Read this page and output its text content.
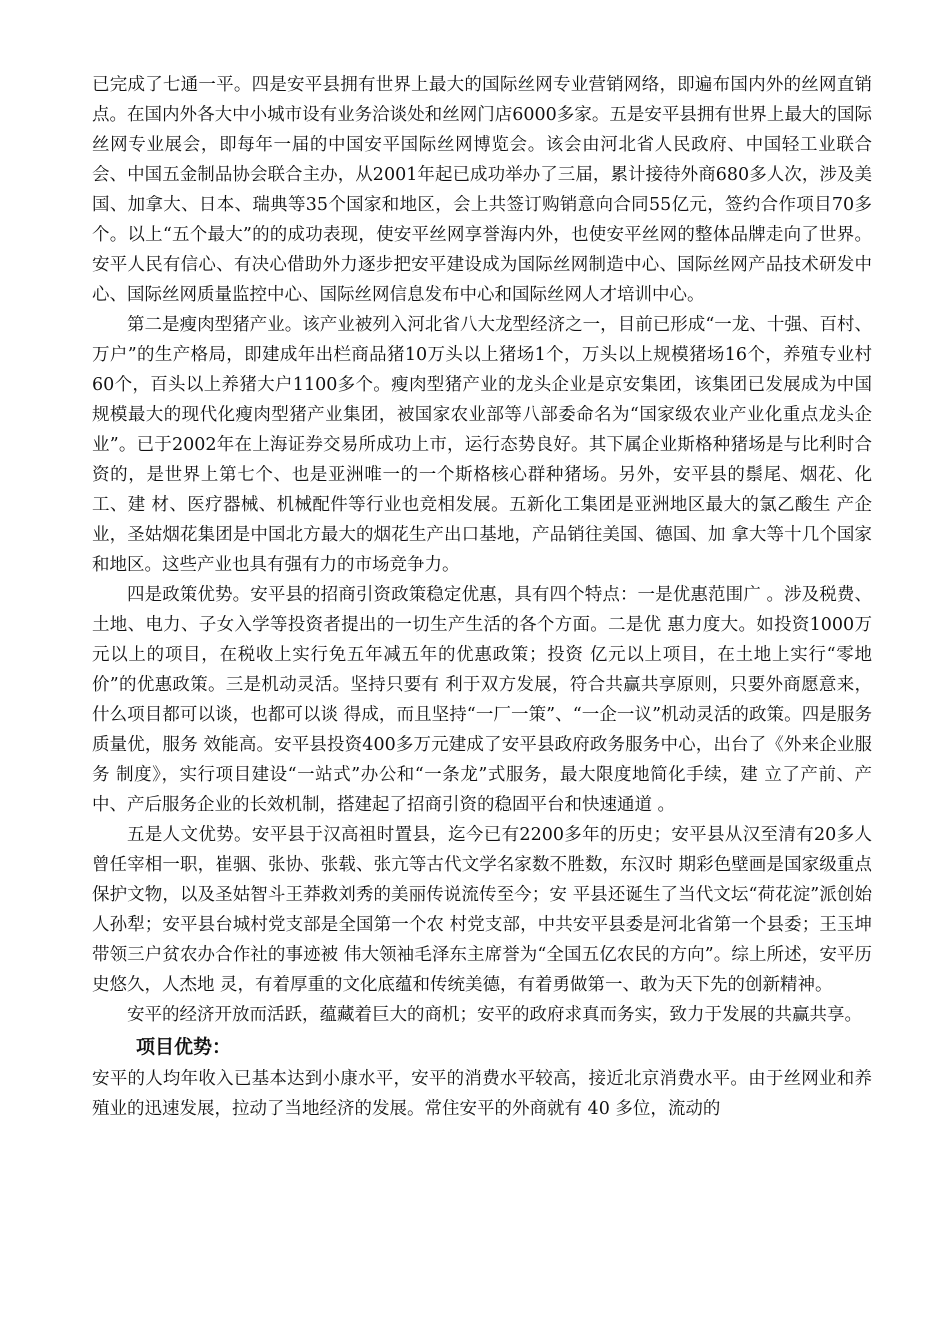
已完成了七通一平。四是安平县拥有世界上最大的国际丝网专业营销网络，即遍布国内外的丝网直销点。在国内外各大中小城市设有业务洽谈处和丝网门店6000多家。五是安平县拥有世界上最大的国际丝网专业展会，即每年一届的中国安平国际丝网博览会。该会由河北省人民政府、中国轻工业联合会、中国五金制品协会联合主办，从2001年起已成功举办了三届，累计接待外商680多人次，涉及美国、加拿大、日本、瑞典等35个国家和地区，会上共签订购销意向合同55亿元，签约合作项目70多个。以上“五个最大”的的成功表现，使安平丝网享誉海内外，也使安平丝网的整体品牌走向了世界。安平人民有信心、有决心借助外力逐步把安平建设成为国际丝网制造中心、国际丝网产品技术研发中心、国际丝网质量监控中心、国际丝网信息发布中心和国际丝网人才培训中心。

第二是瘦肉型猪产业。该产业被列入河北省八大龙型经济之一，目前已形成“一龙、十强、百村、万户”的生产格局，即建成年出栏商品猪10万头以上猪场1个，万头以上规模猪场16个，养殖专业村60个，百头以上养猪大户1100多个。瘦肉型猪产业的龙头企业是京安集团，该集团已发展成为中国规模最大的现代化瘦肉型猪产业集团，被国家农业部等八部委命名为“国家级农业产业化重点龙头企业”。已于2002年在上海证券交易所成功上市，运行态势良好。其下属企业斯格种猪场是与比利时合资的，是世界上第七个、也是亚洲唯一的一个斯格核心群种猪场。另外，安平县的鬃尾、烟花、化工、建 材、医疗器械、机械配件等行业也竞相发展。五新化工集团是亚洲地区最大的氯乙酸生 产企业，圣姑烟花集团是中国北方最大的烟花生产出口基地，产品销往美国、德国、加 拿大等十几个国家和地区。这些产业也具有强有力的市场竞争力。

四是政策优势。安平县的招商引资政策稳定优惠，具有四个特点：一是优惠范围广 。涉及税费、土地、电力、子女入学等投资者提出的一切生产生活的各个方面。二是优 惠力度大。如投资1000万元以上的项目，在税收上实行免五年减五年的优惠政策；投资 亿元以上项目，在土地上实行“零地价”的优惠政策。三是机动灵活。坚持只要有 利于双方发展，符合共赢共享原则，只要外商愿意来，什么项目都可以谈，也都可以谈 得成，而且坚持“一厂一策”、“一企一议”机动灵活的政策。四是服务质量优，服务 效能高。安平县投资400多万元建成了安平县政府政务服务中心，出台了《外来企业服务 制度》，实行项目建设“一站式”办公和“一条龙”式服务，最大限度地简化手续，建 立了产前、产中、产后服务企业的长效机制，搭建起了招商引资的稳固平台和快速通道 。

五是人文优势。安平县于汉高祖时置县，迄今已有2200多年的历史；安平县从汉至清有20多人曾任宰相一职，崔骃、张协、张载、张亢等古代文学名家数不胜数，东汉时 期彩色壁画是国家级重点保护文物，以及圣姑智斗王莽救刘秀的美丽传说流传至今；安 平县还诞生了当代文坛“荷花淀”派创始人孙犁；安平县台城村党支部是全国第一个农 村党支部，中共安平县委是河北省第一个县委；王玉坤带领三户贫农办合作社的事迹被 伟大领袖毛泽东主席誉为“全国五亿农民的方向”。综上所述，安平历史悠久，人杰地 灵，有着厚重的文化底蕴和传统美德，有着勇做第一、敢为天下先的创新精神。

安平的经济开放而活跃，蕴藏着巨大的商机；安平的政府求真而务实，致力于发展的共赢共享。

项目优势：

安平的人均年收入已基本达到小康水平，安平的消费水平较高，接近北京消费水平。由于丝网业和养殖业的迅速发展，拉动了当地经济的发展。常住安平的外商就有 40 多位，流动的
